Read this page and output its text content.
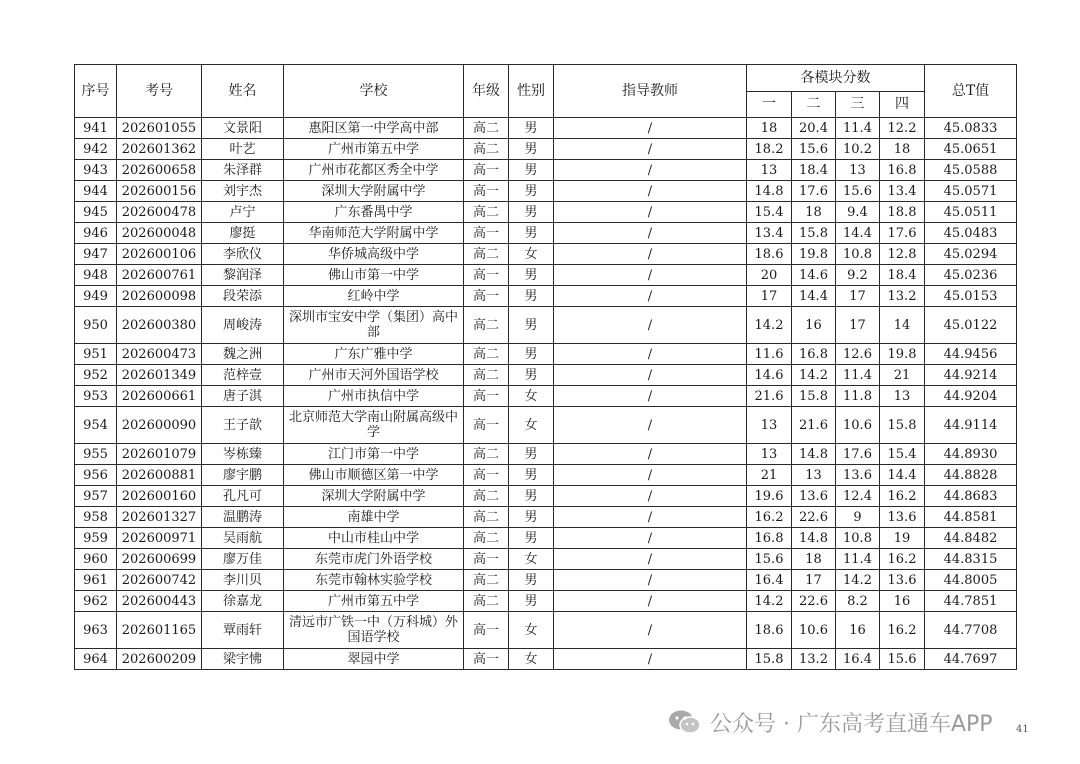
序号	考号	姓名	学校	年级	性别	指导教师	各模块分数				总T值
							一	二	三	四	
941	202601055	文景阳	惠阳区第一中学高中部	高二	男	/	18	20.4	11.4	12.2	45.0833
942	202601362	叶艺	广州市第五中学	高二	男	/	18.2	15.6	10.2	18	45.0651
943	202600658	朱泽群	广州市花都区秀全中学	高一	男	/	13	18.4	13	16.8	45.0588
944	202600156	刘宇杰	深圳大学附属中学	高一	男	/	14.8	17.6	15.6	13.4	45.0571
945	202600478	卢宁	广东番禺中学	高二	男	/	15.4	18	9.4	18.8	45.0511
946	202600048	廖挺	华南师范大学附属中学	高一	男	/	13.4	15.8	14.4	17.6	45.0483
947	202600106	李欣仪	华侨城高级中学	高二	女	/	18.6	19.8	10.8	12.8	45.0294
948	202600761	黎润泽	佛山市第一中学	高一	男	/	20	14.6	9.2	18.4	45.0236
949	202600098	段荣添	红岭中学	高一	男	/	17	14.4	17	13.2	45.0153
950	202600380	周峻涛	深圳市宝安中学（集团）高中部	高二	男	/	14.2	16	17	14	45.0122
951	202600473	魏之洲	广东广雅中学	高二	男	/	11.6	16.8	12.6	19.8	44.9456
952	202601349	范梓壹	广州市天河外国语学校	高二	男	/	14.6	14.2	11.4	21	44.9214
953	202600661	唐子淇	广州市执信中学	高一	女	/	21.6	15.8	11.8	13	44.9204
954	202600090	王子歆	北京师范大学南山附属高级中学	高一	女	/	13	21.6	10.6	15.8	44.9114
955	202601079	岑栋臻	江门市第一中学	高二	男	/	13	14.8	17.6	15.4	44.8930
956	202600881	廖宇鹏	佛山市顺德区第一中学	高一	男	/	21	13	13.6	14.4	44.8828
957	202600160	孔凡可	深圳大学附属中学	高二	男	/	19.6	13.6	12.4	16.2	44.8683
958	202601327	温鹏涛	南雄中学	高二	男	/	16.2	22.6	9	13.6	44.8581
959	202600971	吴雨航	中山市桂山中学	高二	男	/	16.8	14.8	10.8	19	44.8482
960	202600699	廖万佳	东莞市虎门外语学校	高一	女	/	15.6	18	11.4	16.2	44.8315
961	202600742	李川贝	东莞市翰林实验学校	高二	男	/	16.4	17	14.2	13.6	44.8005
962	202600443	徐嘉龙	广州市第五中学	高二	男	/	14.2	22.6	8.2	16	44.7851
963	202601165	覃雨轩	清远市广铁一中（万科城）外国语学校	高一	女	/	18.6	10.6	16	16.2	44.7708
964	202600209	梁宇怫	翠园中学	高一	女	/	15.8	13.2	16.4	15.6	44.7697
公众号 · 广东高考直通车APP 41
